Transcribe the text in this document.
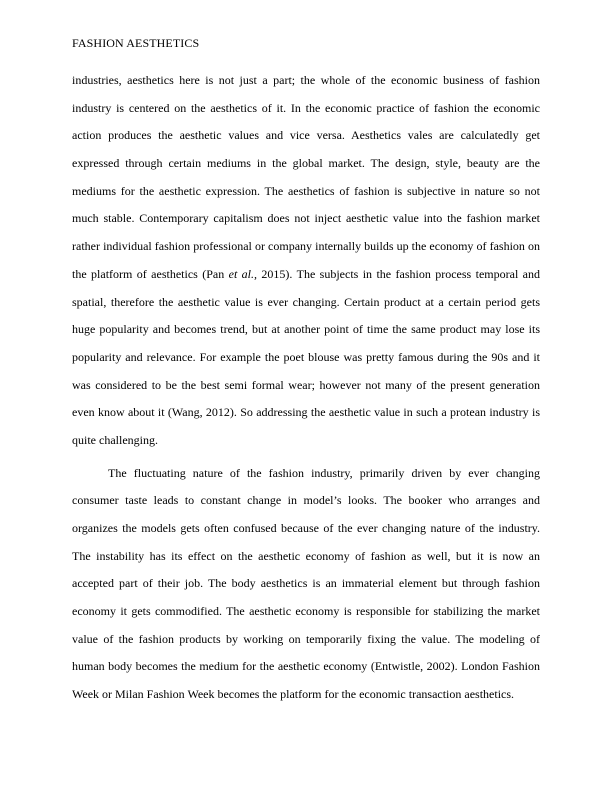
FASHION AESTHETICS
industries, aesthetics here is not just a part; the whole of the economic business of fashion
industry is centered on the aesthetics of it. In the economic practice of fashion the economic
action produces the aesthetic values and vice versa. Aesthetics vales are calculatedly get
expressed through certain mediums in the global market. The design, style, beauty are the
mediums for the aesthetic expression. The aesthetics of fashion is subjective in nature so not
much stable. Contemporary capitalism does not inject aesthetic value into the fashion market
rather individual fashion professional or company internally builds up the economy of fashion on
the platform of aesthetics (Pan et al., 2015). The subjects in the fashion process temporal and
spatial, therefore the aesthetic value is ever changing. Certain product at a certain period gets
huge popularity and becomes trend, but at another point of time the same product may lose its
popularity and relevance. For example the poet blouse was pretty famous during the 90s and it
was considered to be the best semi formal wear; however not many of the present generation
even know about it (Wang, 2012). So addressing the aesthetic value in such a protean industry is
quite challenging.
The fluctuating nature of the fashion industry, primarily driven by ever changing
consumer taste leads to constant change in model’s looks. The booker who arranges and
organizes the models gets often confused because of the ever changing nature of the industry.
The instability has its effect on the aesthetic economy of fashion as well, but it is now an
accepted part of their job. The body aesthetics is an immaterial element but through fashion
economy it gets commodified. The aesthetic economy is responsible for stabilizing the market
value of the fashion products by working on temporarily fixing the value. The modeling of
human body becomes the medium for the aesthetic economy (Entwistle, 2002). London Fashion
Week or Milan Fashion Week becomes the platform for the economic transaction aesthetics.
